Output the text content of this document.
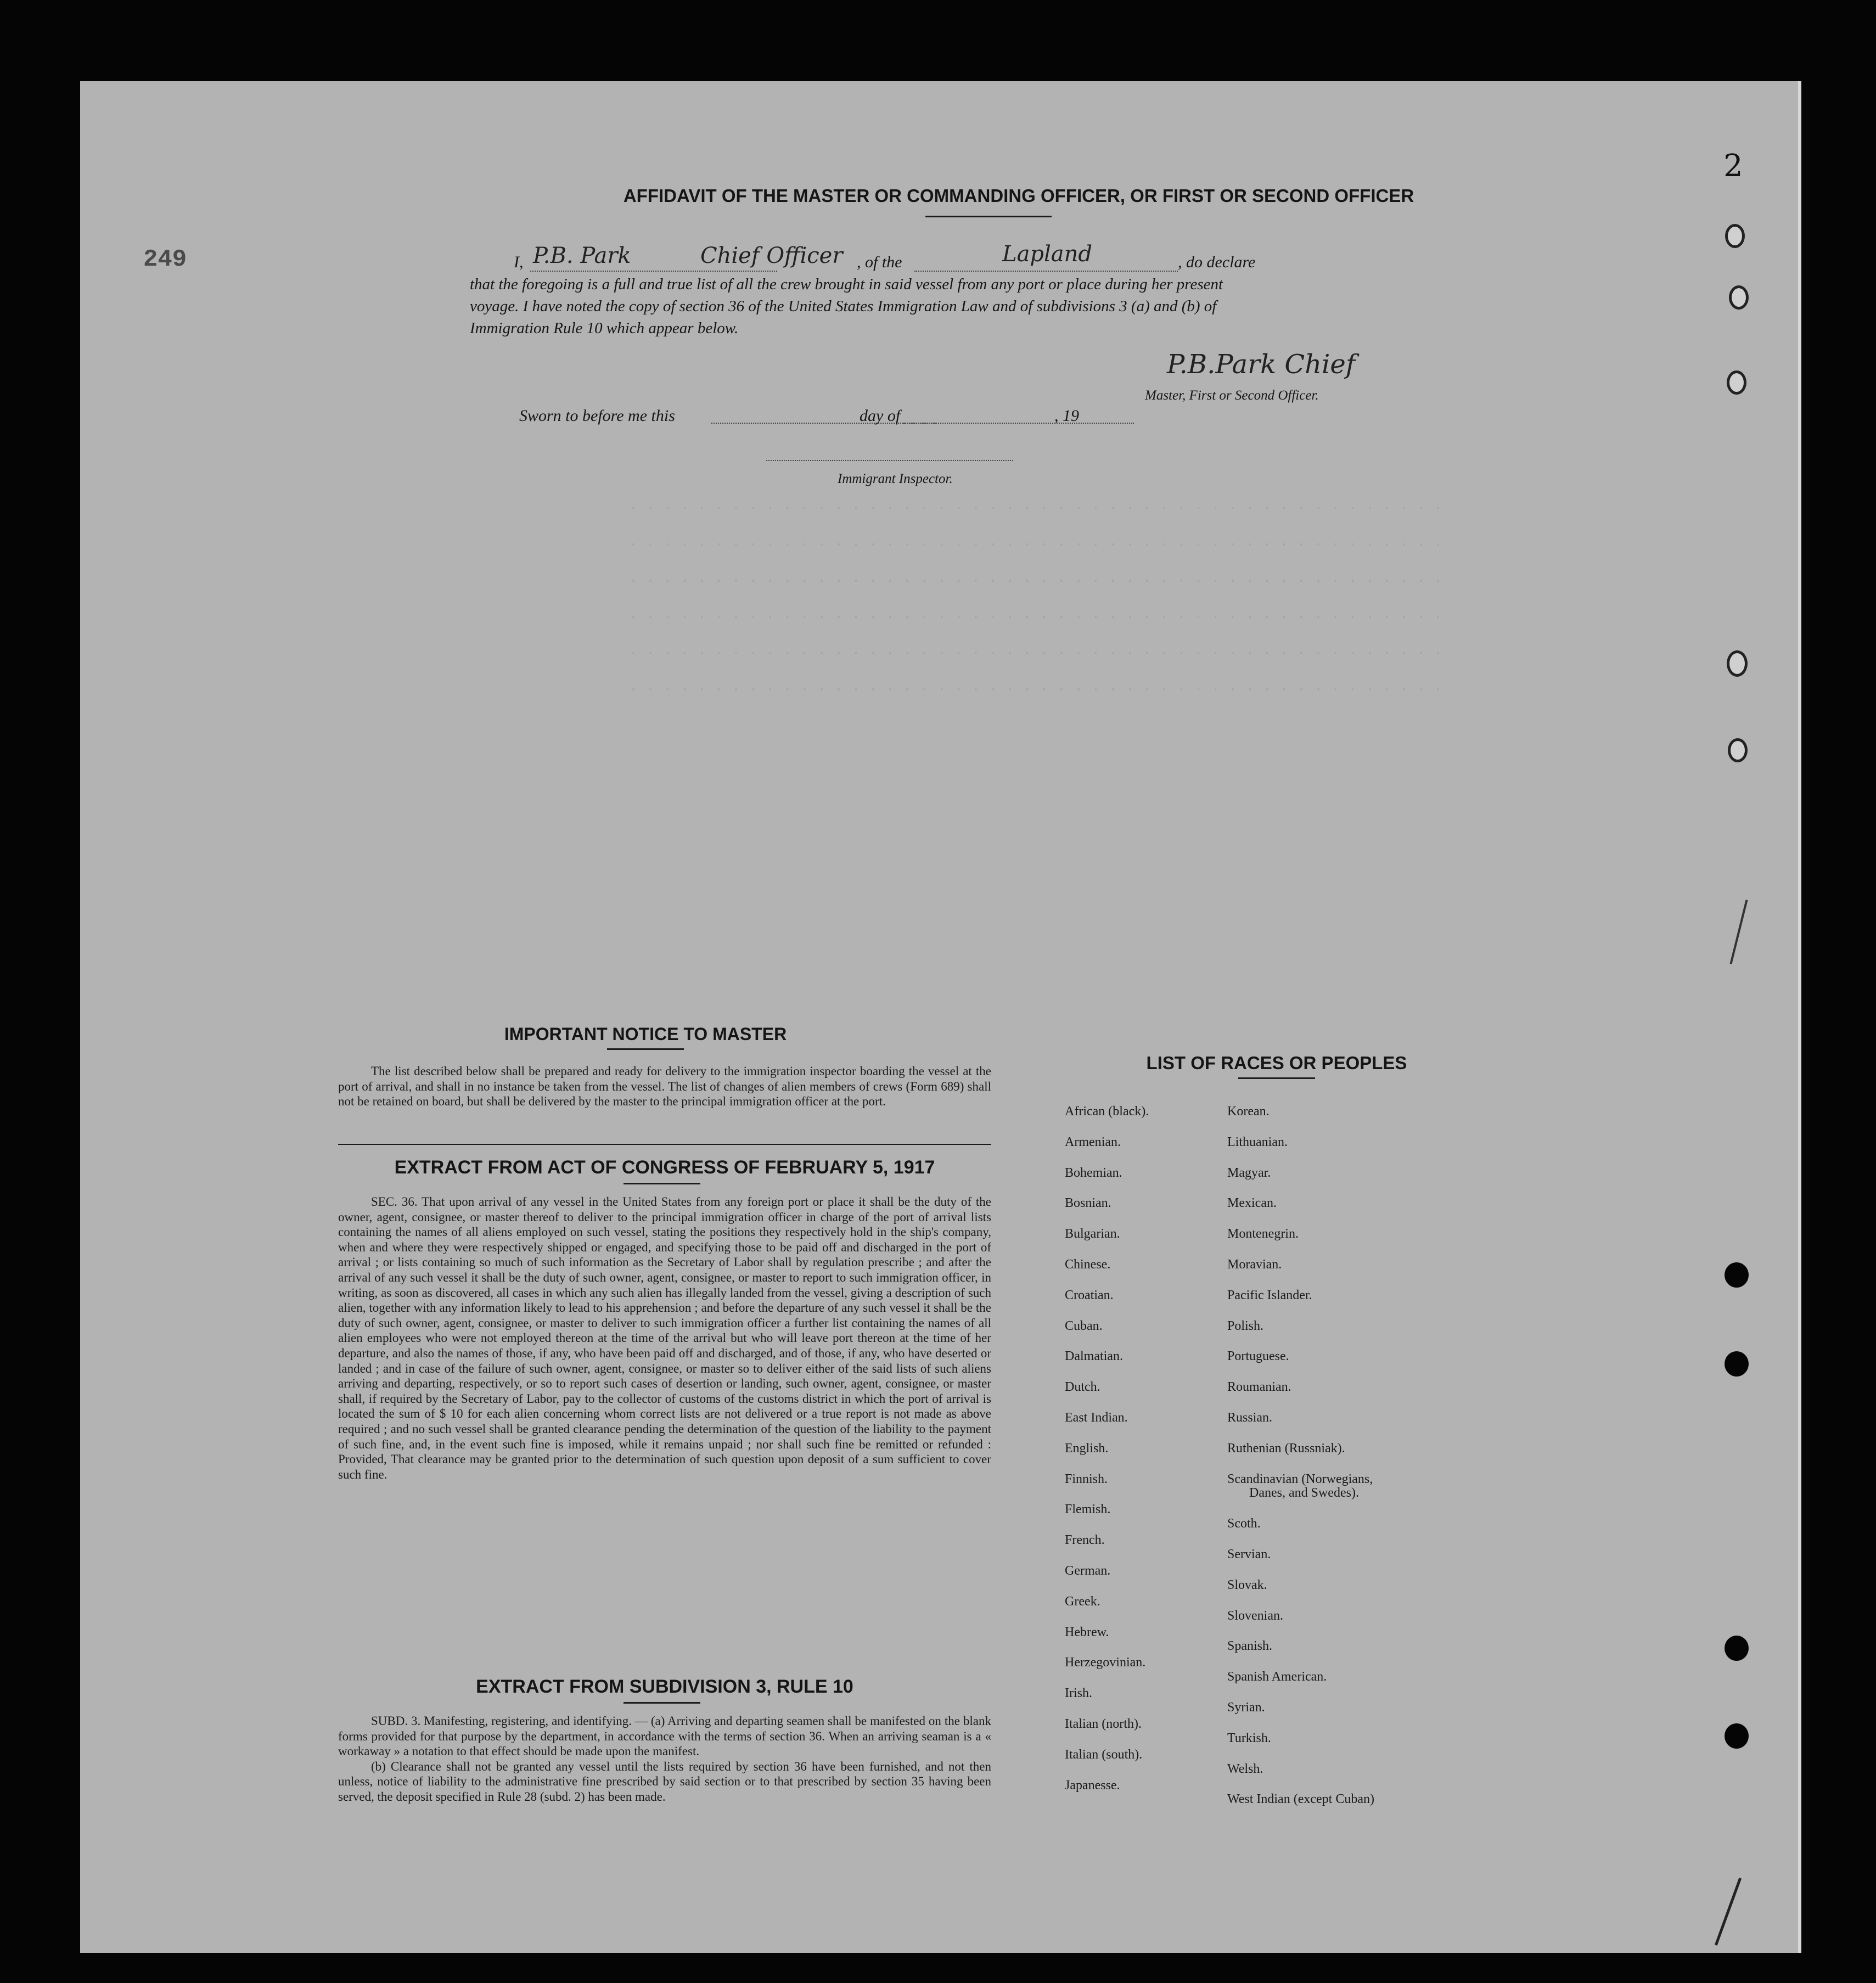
. . . . . . . . . . . . . . . . . . . . . . . . . . . . . . . . . . . . . . . . . . . . . . . .
. . . . . . . . . . . . . . . . . . . . . . . . . . . . . . . . . . . . . . . . . . . . . . . .
. . . . . . . . . . . . . . . . . . . . . . . . . . . . . . . . . . . . . . . . . . . . . . . .
. . . . . . . . . . . . . . . . . . . . . . . . . . . . . . . . . . . . . . . . . . . . . . . .
. . . . . . . . . . . . . . . . . . . . . . . . . . . . . . . . . . . . . . . . . . . . . . . .
. . . . . . . . . . . . . . . . . . . . . . . . . . . . . . . . . . . . . . . . . . . . . . . .
249
AFFIDAVIT OF THE MASTER OR COMMANDING OFFICER, OR FIRST OR SECOND OFFICER
I, P.B. Park	Chief Officer , of the	Lapland	, do declare
that the foregoing is a full and true list of all the crew brought in said vessel from any port or place during her present
voyage. I have noted the copy of section 36 of the United States Immigration Law and of subdivisions 3 (a) and (b) of
Immigration Rule 10 which appear below.
P.B.Park Chief
Master, First or Second Officer.
Sworn to before me this	day of	, 19
Immigrant Inspector.
IMPORTANT NOTICE TO MASTER

The list described below shall be prepared and ready for delivery to the immigration inspector boarding the vessel at the port of arrival, and shall in no instance be taken from the vessel. The list of changes of alien members of crews (Form 689) shall not be retained on board, but shall be delivered by the master to the principal immigration officer at the port.

EXTRACT FROM ACT OF CONGRESS OF FEBRUARY 5, 1917

SEC. 36. That upon arrival of any vessel in the United States from any foreign port or place it shall be the duty of the owner, agent, consignee, or master thereof to deliver to the principal immigration officer in charge of the port of arrival lists containing the names of all aliens employed on such vessel, stating the positions they respectively hold in the ship's company, when and where they were respectively shipped or engaged, and specifying those to be paid off and discharged in the port of arrival ; or lists containing so much of such information as the Secretary of Labor shall by regulation prescribe ; and after the arrival of any such vessel it shall be the duty of such owner, agent, consignee, or master to report to such immigration officer, in writing, as soon as discovered, all cases in which any such alien has illegally landed from the vessel, giving a description of such alien, together with any information likely to lead to his apprehension ; and before the departure of any such vessel it shall be the duty of such owner, agent, consignee, or master to deliver to such immigration officer a further list containing the names of all alien employees who were not employed thereon at the time of the arrival but who will leave port thereon at the time of her departure, and also the names of those, if any, who have been paid off and discharged, and of those, if any, who have deserted or landed ; and in case of the failure of such owner, agent, consignee, or master so to deliver either of the said lists of such aliens arriving and departing, respectively, or so to report such cases of desertion or landing, such owner, agent, consignee, or master shall, if required by the Secretary of Labor, pay to the collector of customs of the customs district in which the port of arrival is located the sum of $ 10 for each alien concerning whom correct lists are not delivered or a true report is not made as above required ; and no such vessel shall be granted clearance pending the determination of the question of the liability to the payment of such fine, and, in the event such fine is imposed, while it remains unpaid ; nor shall such fine be remitted or refunded : Provided, That clearance may be granted prior to the determination of such question upon deposit of a sum sufficient to cover such fine.

EXTRACT FROM SUBDIVISION 3, RULE 10

SUBD. 3. Manifesting, registering, and identifying. — (a) Arriving and departing seamen shall be manifested on the blank forms provided for that purpose by the department, in accordance with the terms of section 36. When an arriving seaman is a « workaway » a notation to that effect should be made upon the manifest.

(b) Clearance shall not be granted any vessel until the lists required by section 36 have been furnished, and not then unless, notice of liability to the administrative fine prescribed by said section or to that prescribed by section 35 having been served, the deposit specified in Rule 28 (subd. 2) has been made.

LIST OF RACES OR PEOPLES
African (black).
Armenian.
Bohemian.
Bosnian.
Bulgarian.
Chinese.
Croatian.
Cuban.
Dalmatian.
Dutch.
East Indian.
English.
Finnish.
Flemish.
French.
German.
Greek.
Hebrew.
Herzegovinian.
Irish.
Italian (north).
Italian (south).
Japanesse.
Korean.
Lithuanian.
Magyar.
Mexican.
Montenegrin.
Moravian.
Pacific Islander.
Polish.
Portuguese.
Roumanian.
Russian.
Ruthenian (Russniak).
Scandinavian (Norwegians,
Danes, and Swedes).
Scoth.
Servian.
Slovak.
Slovenian.
Spanish.
Spanish American.
Syrian.
Turkish.
Welsh.
West Indian (except Cuban)
2
